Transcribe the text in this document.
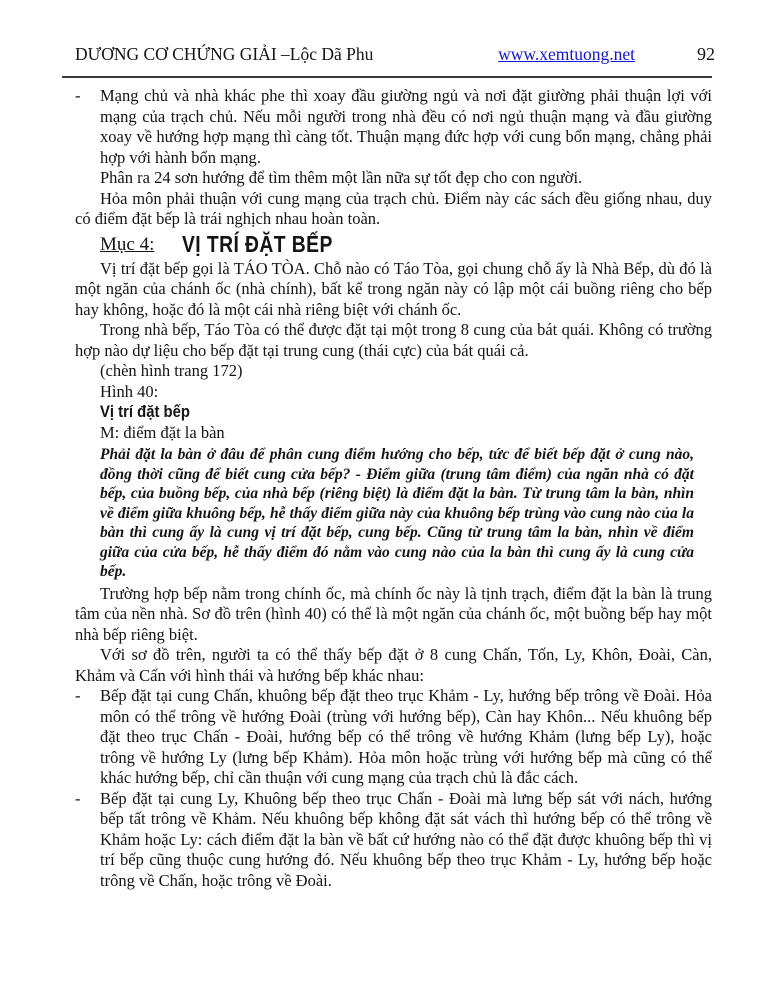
DƯƠNG CƠ CHỨNG GIẢI –Lộc Dã Phu	www.xemtuong.net	92
-	Mạng chủ và nhà khác phe thì xoay đầu giường ngủ và nơi đặt giường phải thuận lợi với mạng của trạch chủ. Nếu mỗi người trong nhà đều có nơi ngủ thuận mạng và đầu giường xoay về hướng hợp mạng thì càng tốt. Thuận mạng đức hợp với cung bổn mạng, chẳng phải hợp với hành bổn mạng.

Phân ra 24 sơn hướng để tìm thêm một lần nữa sự tốt đẹp cho con người.

Hỏa môn phải thuận với cung mạng của trạch chủ. Điểm này các sách đều giống nhau, duy có điểm đặt bếp là trái nghịch nhau hoàn toàn.

Mục 4: VỊ TRÍ ĐẶT BẾP

Vị trí đặt bếp gọi là TÁO TÒA. Chỗ nào có Táo Tòa, gọi chung chỗ ấy là Nhà Bếp, dù đó là một ngăn của chánh ốc (nhà chính), bất kể trong ngăn này có lập một cái buồng riêng cho bếp hay không, hoặc đó là một cái nhà riêng biệt với chánh ốc.

Trong nhà bếp, Táo Tòa có thể được đặt tại một trong 8 cung của bát quái. Không có trường hợp nào dự liệu cho bếp đặt tại trung cung (thái cực) của bát quái cả.

(chèn hình trang 172)

Hình 40:

Vị trí đặt bếp

M: điểm đặt la bàn

Phải đặt la bàn ở đâu để phân cung điểm hướng cho bếp, tức để biết bếp đặt ở cung nào, đồng thời cũng để biết cung cửa bếp? - Điểm giữa (trung tâm điểm) của ngăn nhà có đặt bếp, của buồng bếp, của nhà bếp (riêng biệt) là điểm đặt la bàn. Từ trung tâm la bàn, nhìn về điểm giữa khuông bếp, hễ thấy điểm giữa này của khuông bếp trùng vào cung nào của la bàn thì cung ấy là cung vị trí đặt bếp, cung bếp. Cũng từ trung tâm la bàn, nhìn về điểm giữa của cửa bếp, hễ thấy điểm đó nằm vào cung nào của la bàn thì cung ấy là cung cửa bếp.

Trường hợp bếp nằm trong chính ốc, mà chính ốc này là tịnh trạch, điểm đặt la bàn là trung tâm của nền nhà. Sơ đồ trên (hình 40) có thể là một ngăn của chánh ốc, một buồng bếp hay một nhà bếp riêng biệt.

Với sơ đồ trên, người ta có thể thấy bếp đặt ở 8 cung Chấn, Tốn, Ly, Khôn, Đoài, Càn, Khảm và Cấn với hình thái và hướng bếp khác nhau:

-	Bếp đặt tại cung Chấn, khuông bếp đặt theo trục Khảm - Ly, hướng bếp trông về Đoài. Hỏa môn có thể trông về hướng Đoài (trùng với hướng bếp), Càn hay Khôn... Nếu khuông bếp đặt theo trục Chấn - Đoài, hướng bếp có thể trông về hướng Khảm (lưng bếp Ly), hoặc trông về hướng Ly (lưng bếp Khảm). Hỏa môn hoặc trùng với hướng bếp mà cũng có thể khác hướng bếp, chỉ cần thuận với cung mạng của trạch chủ là đắc cách.

-	Bếp đặt tại cung Ly, Khuông bếp theo trục Chấn - Đoài mà lưng bếp sát với nách, hướng bếp tất trông về Khảm. Nếu khuông bếp không đặt sát vách thì hướng bếp có thể trông về Khảm hoặc Ly: cách điểm đặt la bàn về bất cứ hướng nào có thể đặt được khuông bếp thì vị trí bếp cũng thuộc cung hướng đó. Nếu khuông bếp theo trục Khảm - Ly, hướng bếp hoặc trông về Chấn, hoặc trông về Đoài.
